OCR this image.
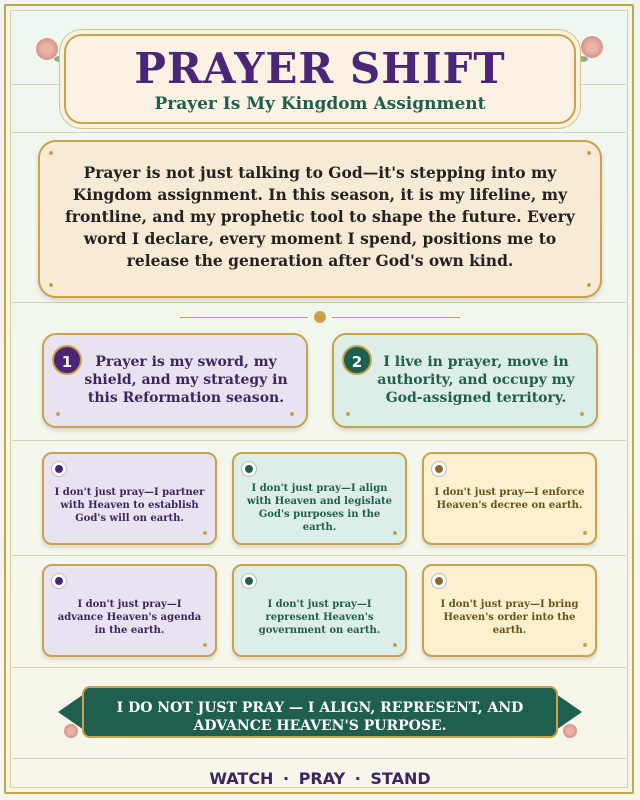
PRAYER SHIFT
Prayer Is My Kingdom Assignment
Prayer is not just talking to God—it's stepping into my Kingdom assignment. In this season, it is my lifeline, my frontline, and my prophetic tool to shape the future. Every word I declare, every moment I spend, positions me to release the generation after God's own kind.
1	Prayer is my sword, my shield, and my strategy in this Reformation season.
2	I live in prayer, move in authority, and occupy my God-assigned territory.
I don't just pray—I partner with Heaven to establish God's will on earth.
I don't just pray—I align with Heaven and legislate God's purposes in the earth.
I don't just pray—I enforce Heaven's decree on earth.
I don't just pray—I advance Heaven's agenda in the earth.
I don't just pray—I represent Heaven's government on earth.
I don't just pray—I bring Heaven's order into the earth.
I DO NOT JUST PRAY — I ALIGN, REPRESENT, AND ADVANCE HEAVEN'S PURPOSE.
WATCH · PRAY · STAND
